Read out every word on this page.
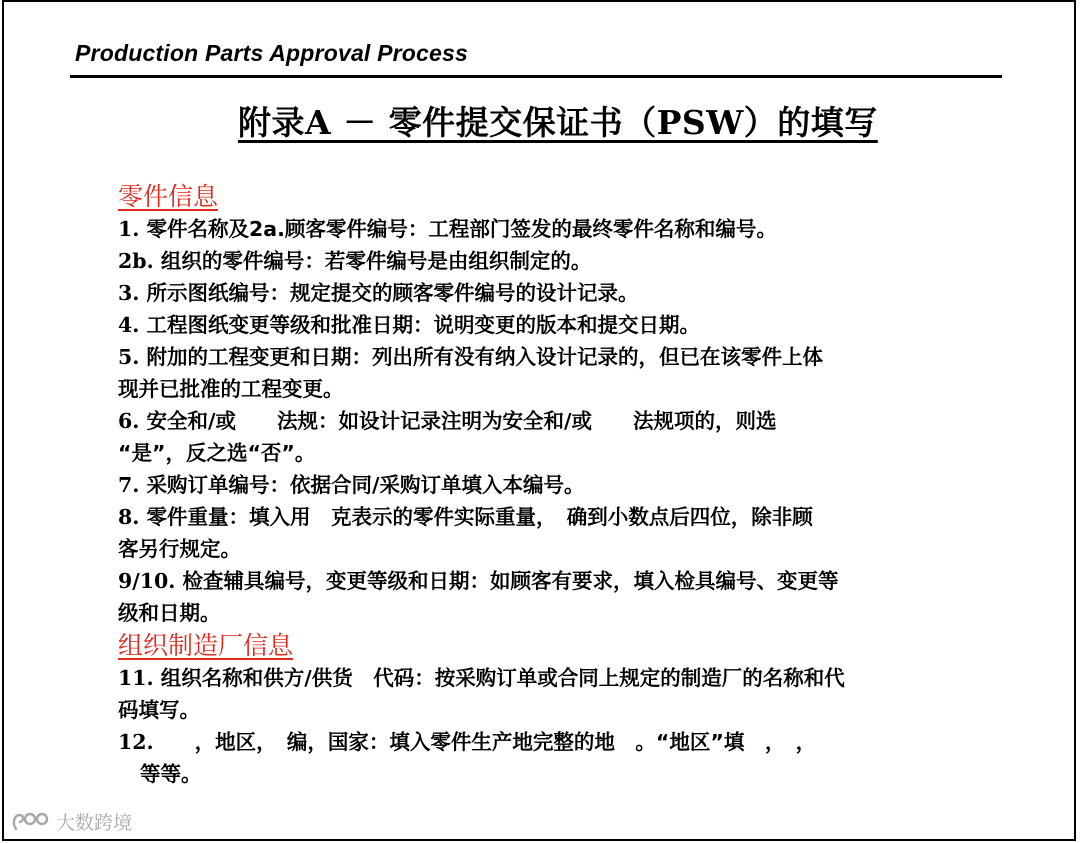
Production Parts Approval Process
附录A － 零件提交保证书（PSW）的填写
零件信息
1. 零件名称及2a.顾客零件编号：工程部门签发的最终零件名称和编号。
2b. 组织的零件编号：若零件编号是由组织制定的。
3. 所示图纸编号：规定提交的顾客零件编号的设计记录。
4. 工程图纸变更等级和批准日期：说明变更的版本和提交日期。
5. 附加的工程变更和日期：列出所有没有纳入设计记录的，但已在该零件上体
现并已批准的工程变更。
6. 安全和/或　　法规：如设计记录注明为安全和/或　　法规项的，则选
“是”，反之选“否”。
7. 采购订单编号：依据合同/采购订单填入本编号。
8. 零件重量：填入用　克表示的零件实际重量，　确到小数点后四位，除非顾
客另行规定。
9/10. 检查辅具编号，变更等级和日期：如顾客有要求，填入检具编号、变更等
级和日期。
组织制造厂信息
11. 组织名称和供方/供货　代码：按采购订单或合同上规定的制造厂的名称和代
码填写。
12.　　，地区，　编，国家：填入零件生产地完整的地　。“地区”填　，　，
等等。
大数跨境
